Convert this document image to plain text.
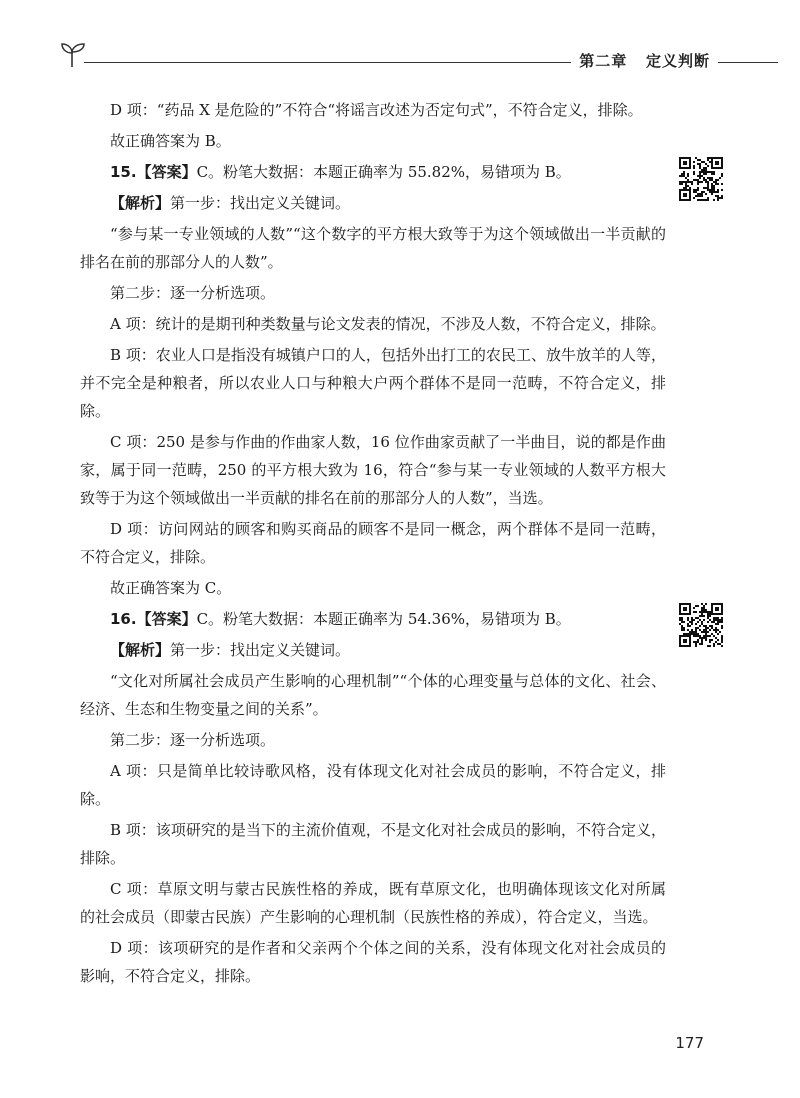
第二章 定义判断

D 项：“药品 X 是危险的”不符合“将谣言改述为否定句式”，不符合定义，排除。

故正确答案为 B。

15.【答案】C。粉笔大数据：本题正确率为 55.82%，易错项为 B。

【解析】第一步：找出定义关键词。

“参与某一专业领域的人数”“这个数字的平方根大致等于为这个领域做出一半贡献的排名在前的那部分人的人数”。

第二步：逐一分析选项。

A 项：统计的是期刊种类数量与论文发表的情况，不涉及人数，不符合定义，排除。

B 项：农业人口是指没有城镇户口的人，包括外出打工的农民工、放牛放羊的人等，并不完全是种粮者，所以农业人口与种粮大户两个群体不是同一范畴，不符合定义，排除。

C 项：250 是参与作曲的作曲家人数，16 位作曲家贡献了一半曲目，说的都是作曲家，属于同一范畴，250 的平方根大致为 16，符合“参与某一专业领域的人数平方根大致等于为这个领域做出一半贡献的排名在前的那部分人的人数”，当选。

D 项：访问网站的顾客和购买商品的顾客不是同一概念，两个群体不是同一范畴，不符合定义，排除。

故正确答案为 C。

16.【答案】C。粉笔大数据：本题正确率为 54.36%，易错项为 B。

【解析】第一步：找出定义关键词。

“文化对所属社会成员产生影响的心理机制”“个体的心理变量与总体的文化、社会、经济、生态和生物变量之间的关系”。

第二步：逐一分析选项。

A 项：只是简单比较诗歌风格，没有体现文化对社会成员的影响，不符合定义，排除。

B 项：该项研究的是当下的主流价值观，不是文化对社会成员的影响，不符合定义，排除。

C 项：草原文明与蒙古民族性格的养成，既有草原文化，也明确体现该文化对所属的社会成员（即蒙古民族）产生影响的心理机制（民族性格的养成），符合定义，当选。

D 项：该项研究的是作者和父亲两个个体之间的关系，没有体现文化对社会成员的影响，不符合定义，排除。

177
